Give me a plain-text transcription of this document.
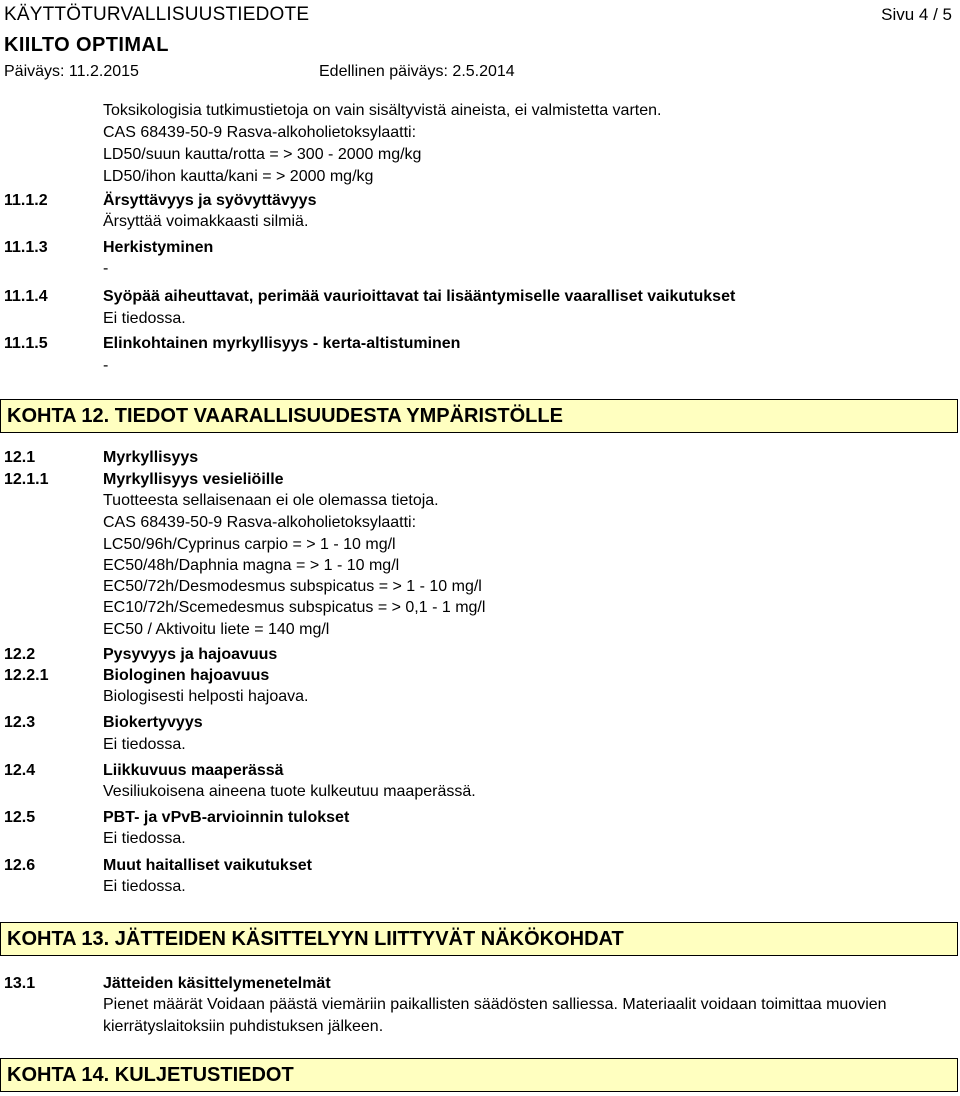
KÄYTTÖTURVALLISUUSTIEDOTE	Sivu 4 / 5
KIILTO OPTIMAL
Päiväys: 11.2.2015	Edellinen päiväys: 2.5.2014
Toksikologisia tutkimustietoja on vain sisältyvistä aineista, ei valmistetta varten.
CAS 68439-50-9 Rasva-alkoholietoksylaatti:
LD50/suun kautta/rotta = > 300 - 2000 mg/kg
LD50/ihon kautta/kani = > 2000 mg/kg
11.1.2	Ärsyttävyys ja syövyttävyys
Ärsyttää voimakkaasti silmiä.
11.1.3	Herkistyminen
-
11.1.4	Syöpää aiheuttavat, perimää vaurioittavat tai lisääntymiselle vaaralliset vaikutukset
Ei tiedossa.
11.1.5	Elinkohtainen myrkyllisyys - kerta-altistuminen
-
KOHTA 12. TIEDOT VAARALLISUUDESTA YMPÄRISTÖLLE
12.1	Myrkyllisyys
12.1.1	Myrkyllisyys vesieliöille
Tuotteesta sellaisenaan ei ole olemassa tietoja.
CAS 68439-50-9 Rasva-alkoholietoksylaatti:
LC50/96h/Cyprinus carpio = > 1 - 10 mg/l
EC50/48h/Daphnia magna = > 1 - 10 mg/l
EC50/72h/Desmodesmus subspicatus = > 1 - 10 mg/l
EC10/72h/Scemedesmus subspicatus = > 0,1 - 1 mg/l
EC50 / Aktivoitu liete = 140 mg/l
12.2	Pysyvyys ja hajoavuus
12.2.1	Biologinen hajoavuus
Biologisesti helposti hajoava.
12.3	Biokertyvyys
Ei tiedossa.
12.4	Liikkuvuus maaperässä
Vesiliukoisena aineena tuote kulkeutuu maaperässä.
12.5	PBT- ja vPvB-arvioinnin tulokset
Ei tiedossa.
12.6	Muut haitalliset vaikutukset
Ei tiedossa.
KOHTA 13. JÄTTEIDEN KÄSITTELYYN LIITTYVÄT NÄKÖKOHDAT
13.1	Jätteiden käsittelymenetelmät
Pienet määrät Voidaan päästä viemäriin paikallisten säädösten salliessa. Materiaalit voidaan toimittaa muovien kierrätyslaitoksiin puhdistuksen jälkeen.
KOHTA 14. KULJETUSTIEDOT
